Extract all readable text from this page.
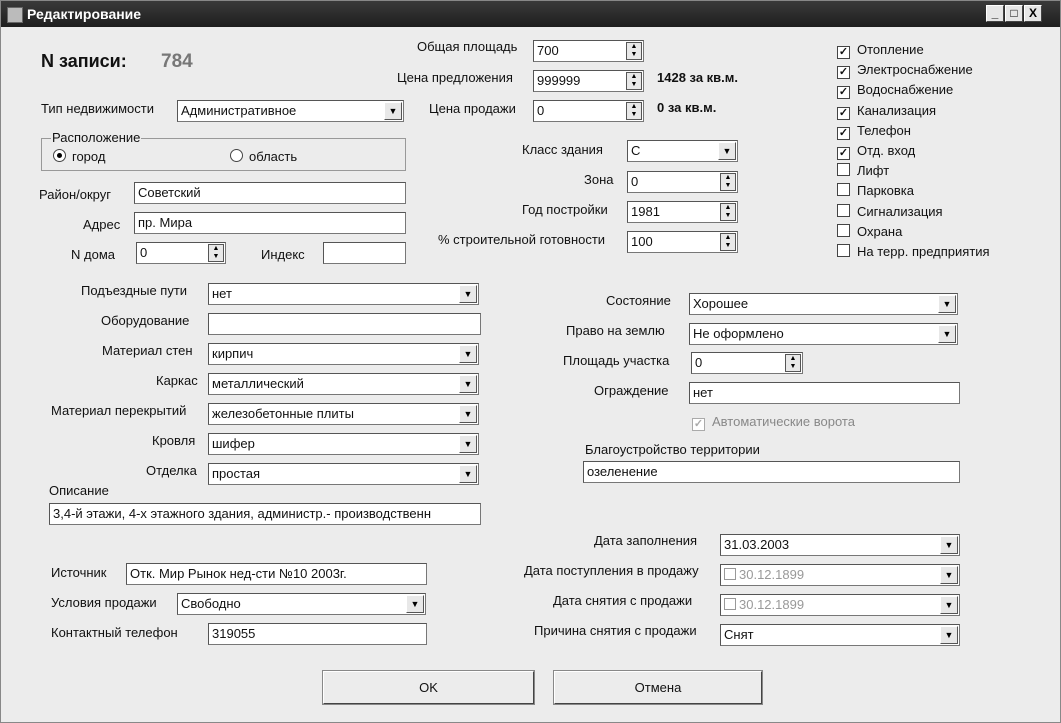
Редактирование	_	□ X
N записи: 784
Общая площадь	700	▲
▼
Цена предложения	999999	▲
▼	1428 за кв.м.
Цена продажи	0	▲
▼	0 за кв.м.
Тип недвижимости	Административное	▼
Расположение
город	область	Класс здания	C	▼
Зона	0	▲
▼
Год постройки	1981	▲
▼
% строительной готовности	100	▲
▼
Район/округ	Советский
Адрес	пр. Мира
N дома	0	▲
▼	Индекс
✓ Отопление
✓ Электроснабжение
✓ Водоснабжение
✓ Канализация
✓ Телефон
✓ Отд. вход
Лифт
Парковка
Сигнализация
Охрана
На терр. предприятия
Подъездные пути	нет	▼
Оборудование
Материал стен	кирпич	▼
Каркас	металлический	▼
Материал перекрытий	железобетонные плиты	▼
Кровля	шифер	▼
Отделка	простая	▼
Состояние	Хорошее	▼
Право на землю	Не оформлено	▼
Площадь участка	0	▲
▼
Ограждение	нет
✓ Автоматические ворота
Благоустройство территории
озеленение
Описание
3,4-й этажи, 4-х этажного здания, администр.- производственн
Источник	Отк. Мир Рынок нед-сти №10 2003г.
Условия продажи	Свободно	▼
Контактный телефон	319055
Дата заполнения	31.03.2003	▼
Дата поступления в продажу	30.12.1899	▼
Дата снятия с продажи	30.12.1899	▼
Причина снятия с продажи	Снят	▼
OK	Отмена
